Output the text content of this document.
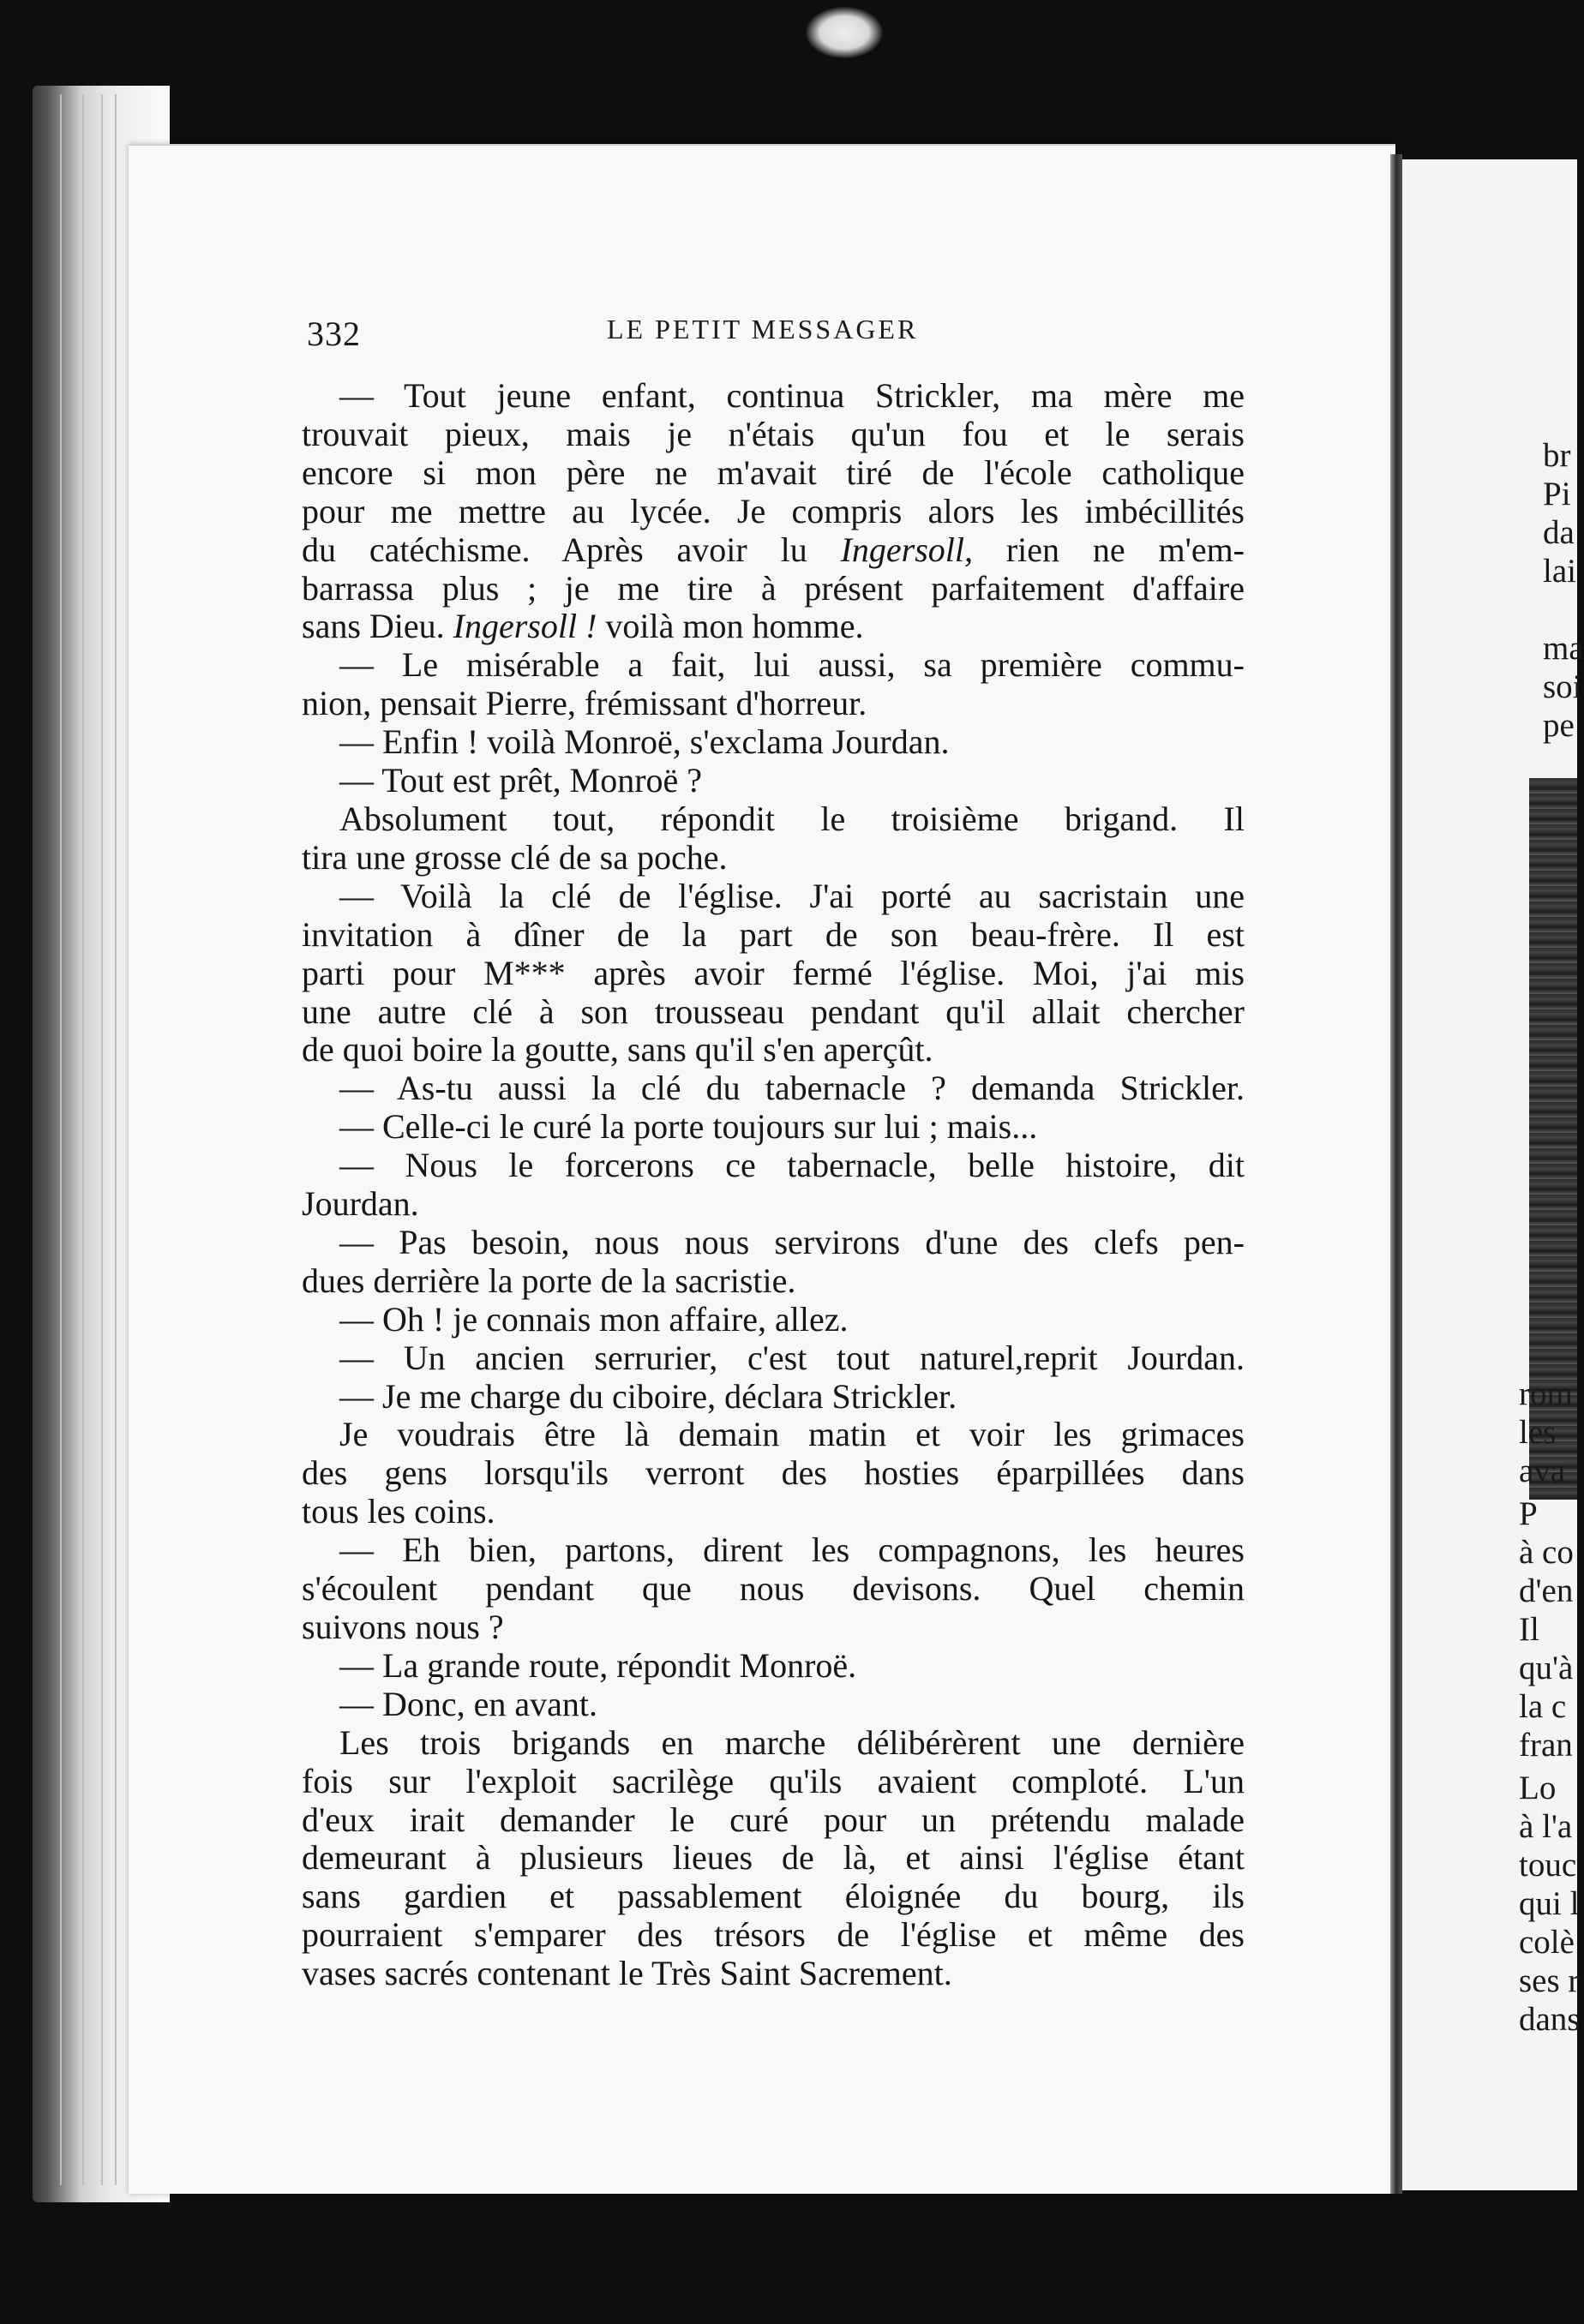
br
Pi
da
lai
ma
soi
pe
rom
les
ava
P
à co
d'en
Il
qu'à
la c
fran
Lo
à l'a
touc
qui l
colè
ses r
dans
332	LE PETIT MESSAGER
— Tout jeune enfant, continua Strickler, ma mère me
trouvait pieux, mais je n'étais qu'un fou et le serais
encore si mon père ne m'avait tiré de l'école catholique
pour me mettre au lycée. Je compris alors les imbécillités
du catéchisme. Après avoir lu Ingersoll, rien ne m'em-
barrassa plus ; je me tire à présent parfaitement d'affaire
sans Dieu. Ingersoll ! voilà mon homme.
— Le misérable a fait, lui aussi, sa première commu-
nion, pensait Pierre, frémissant d'horreur.
— Enfin ! voilà Monroë, s'exclama Jourdan.
— Tout est prêt, Monroë ?
Absolument tout, répondit le troisième brigand. Il
tira une grosse clé de sa poche.
— Voilà la clé de l'église. J'ai porté au sacristain une
invitation à dîner de la part de son beau-frère. Il est
parti pour M*** après avoir fermé l'église. Moi, j'ai mis
une autre clé à son trousseau pendant qu'il allait chercher
de quoi boire la goutte, sans qu'il s'en aperçût.
— As-tu aussi la clé du tabernacle ? demanda Strickler.
— Celle-ci le curé la porte toujours sur lui ; mais...
— Nous le forcerons ce tabernacle, belle histoire, dit
Jourdan.
— Pas besoin, nous nous servirons d'une des clefs pen-
dues derrière la porte de la sacristie.
— Oh ! je connais mon affaire, allez.
— Un ancien serrurier, c'est tout naturel,reprit Jourdan.
— Je me charge du ciboire, déclara Strickler.
Je voudrais être là demain matin et voir les grimaces
des gens lorsqu'ils verront des hosties éparpillées dans
tous les coins.
— Eh bien, partons, dirent les compagnons, les heures
s'écoulent pendant que nous devisons. Quel chemin
suivons nous ?
— La grande route, répondit Monroë.
— Donc, en avant.
Les trois brigands en marche délibérèrent une dernière
fois sur l'exploit sacrilège qu'ils avaient comploté. L'un
d'eux irait demander le curé pour un prétendu malade
demeurant à plusieurs lieues de là, et ainsi l'église étant
sans gardien et passablement éloignée du bourg, ils
pourraient s'emparer des trésors de l'église et même des
vases sacrés contenant le Très Saint Sacrement.
